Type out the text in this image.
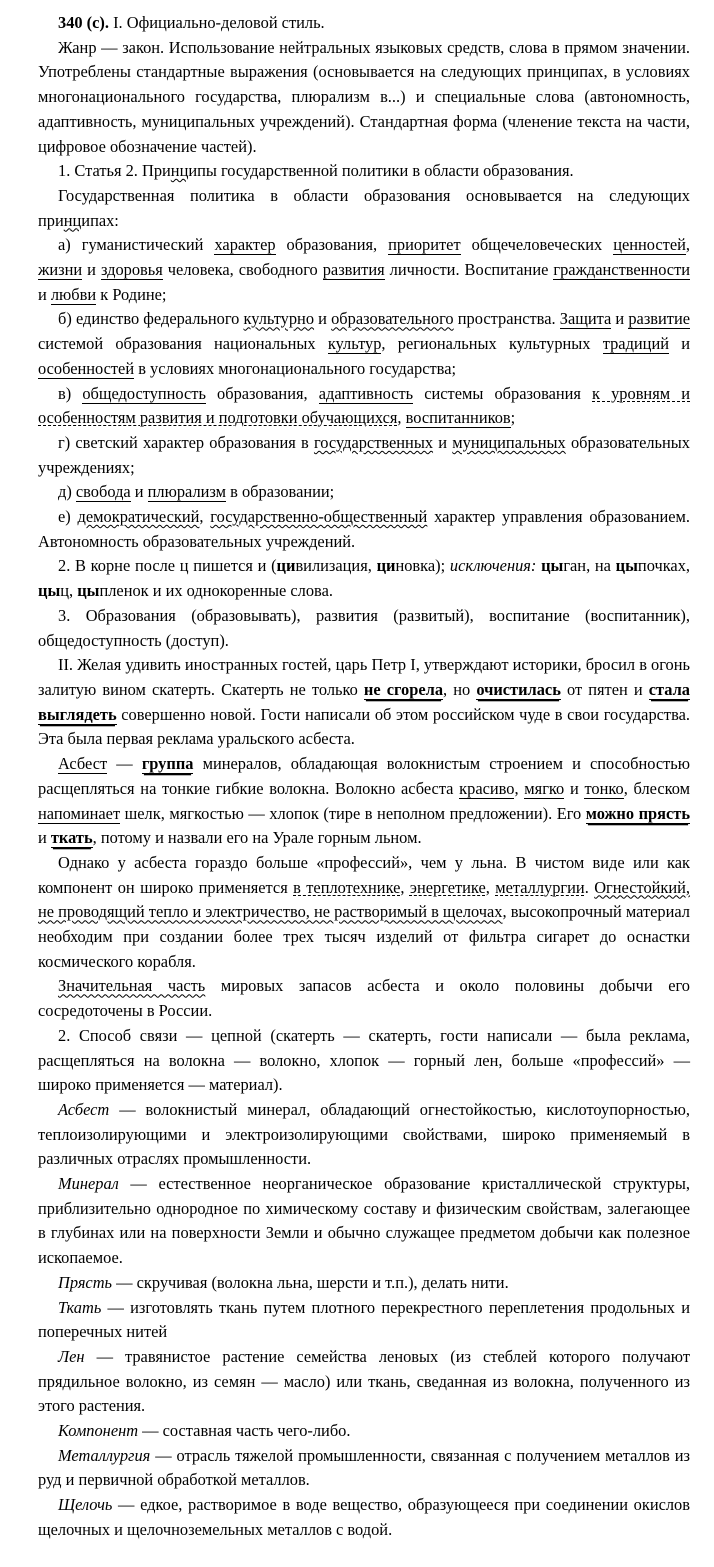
340 (с). I. Официально-деловой стиль.

Жанр — закон. Использование нейтральных языковых средств, слова в прямом значении. Употреблены стандартные выражения (основывается на следующих принципах, в условиях многонационального государства, плюрализм в...) и специальные слова (автономность, адаптивность, муниципальных учреждений). Стандартная форма (членение текста на части, цифровое обозначение частей).

1. Статья 2. Принципы государственной политики в области образования.

Государственная политика в области образования основывается на следующих принципах:

а) гуманистический характер образования, приоритет общечеловеческих ценностей, жизни и здоровья человека, свободного развития личности. Воспитание гражданственности и любви к Родине;

б) единство федерального культурно и образовательного пространства. Защита и развитие системой образования национальных культур, региональных культурных традиций и особенностей в условиях многонационального государства;

в) общедоступность образования, адаптивность системы образования к уровням и особенностям развития и подготовки обучающихся, воспитанников;

г) светский характер образования в государственных и муниципальных образовательных учреждениях;

д) свобода и плюрализм в образовании;

е) демократический, государственно-общественный характер управления образованием. Автономность образовательных учреждений.

2. В корне после ц пишется и (цивилизация, циновка); исключения: цыган, на цыпочках, цыц, цыпленок и их однокоренные слова.

3. Образования (образовывать), развития (развитый), воспитание (воспитанник), общедоступность (доступ).

II. Желая удивить иностранных гостей, царь Петр I, утверждают историки, бросил в огонь залитую вином скатерть. Скатерть не только не сгорела, но очистилась от пятен и стала выглядеть совершенно новой. Гости написали об этом российском чуде в свои государства. Эта была первая реклама уральского асбеста.

Асбест — группа минералов, обладающая волокнистым строением и способностью расщепляться на тонкие гибкие волокна. Волокно асбеста красиво, мягко и тонко, блеском напоминает шелк, мягкостью — хлопок (тире в неполном предложении). Его можно прясть и ткать, потому и назвали его на Урале горным льном.

Однако у асбеста гораздо больше «профессий», чем у льна. В чистом виде или как компонент он широко применяется в теплотехнике, энергетике, металлургии. Огнестойкий, не проводящий тепло и электричество, не растворимый в щелочах, высокопрочный материал необходим при создании более трех тысяч изделий от фильтра сигарет до оснастки космического корабля.

Значительная часть мировых запасов асбеста и около половины добычи его сосредоточены в России.

2. Способ связи — цепной (скатерть — скатерть, гости написали — была реклама, расщепляться на волокна — волокно, хлопок — горный лен, больше «профессий» — широко применяется — материал).

Асбест — волокнистый минерал, обладающий огнестойкостью, кислотоупорностью, теплоизолирующими и электроизолирующими свойствами, широко применяемый в различных отраслях промышленности.

Минерал — естественное неорганическое образование кристаллической структуры, приблизительно однородное по химическому составу и физическим свойствам, залегающее в глубинах или на поверхности Земли и обычно служащее предметом добычи как полезное ископаемое.

Прясть — скручивая (волокна льна, шерсти и т.п.), делать нити.

Ткать — изготовлять ткань путем плотного перекрестного переплетения продольных и поперечных нитей

Лен — травянистое растение семейства леновых (из стеблей которого получают прядильное волокно, из семян — масло) или ткань, сведанная из волокна, полученного из этого растения.

Компонент — составная часть чего-либо.

Металлургия — отрасль тяжелой промышленности, связанная с получением металлов из руд и первичной обработкой металлов.

Щелочь — едкое, растворимое в воде вещество, образующееся при соединении окислов щелочных и щелочноземельных металлов с водой.
